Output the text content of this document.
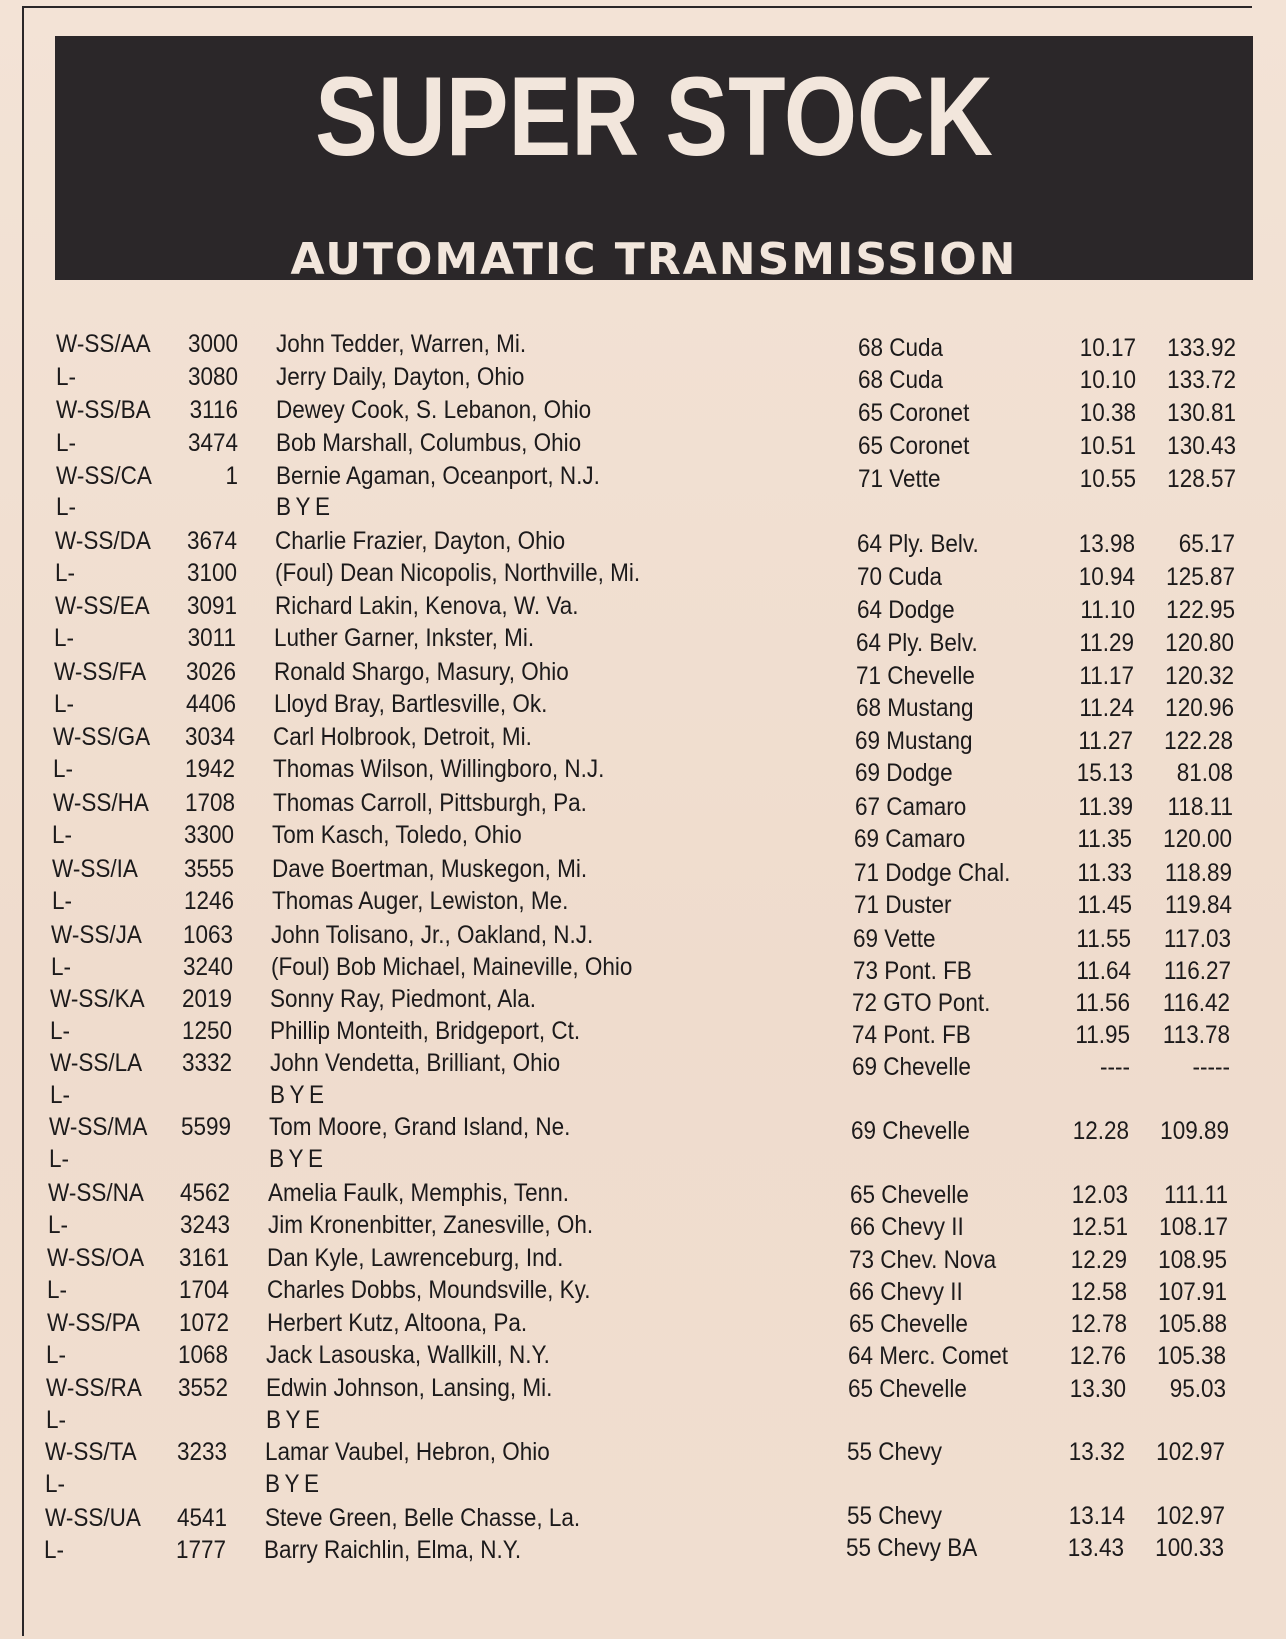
SUPER STOCK
AUTOMATIC TRANSMISSION
W-SS/AA 3000 John Tedder, Warren, Mi.	68 Cuda	10.17	133.92
L-	3080 Jerry Daily, Dayton, Ohio	68 Cuda	10.10	133.72
W-SS/BA 3116 Dewey Cook, S. Lebanon, Ohio	65 Coronet	10.38	130.81
L-	3474 Bob Marshall, Columbus, Ohio	65 Coronet	10.51	130.43
W-SS/CA	1 Bernie Agaman, Oceanport, N.J.	71 Vette	10.55	128.57
L-	BYE
W-SS/DA 3674 Charlie Frazier, Dayton, Ohio	64 Ply. Belv.	13.98	65.17
L-	3100 (Foul) Dean Nicopolis, Northville, Mi.	70 Cuda	10.94	125.87
W-SS/EA 3091 Richard Lakin, Kenova, W. Va.	64 Dodge	11.10	122.95
L-	3011 Luther Garner, Inkster, Mi.	64 Ply. Belv.	11.29	120.80
W-SS/FA 3026 Ronald Shargo, Masury, Ohio	71 Chevelle	11.17	120.32
L-	4406 Lloyd Bray, Bartlesville, Ok.	68 Mustang	11.24	120.96
W-SS/GA 3034 Carl Holbrook, Detroit, Mi.	69 Mustang	11.27	122.28
L-	1942 Thomas Wilson, Willingboro, N.J.	69 Dodge	15.13	81.08
W-SS/HA 1708 Thomas Carroll, Pittsburgh, Pa.	67 Camaro	11.39	118.11
L-	3300 Tom Kasch, Toledo, Ohio	69 Camaro	11.35	120.00
W-SS/IA 3555 Dave Boertman, Muskegon, Mi.	71 Dodge Chal.	11.33	118.89
L-	1246 Thomas Auger, Lewiston, Me.	71 Duster	11.45	119.84
W-SS/JA 1063 John Tolisano, Jr., Oakland, N.J.	69 Vette	11.55	117.03
L-	3240 (Foul) Bob Michael, Maineville, Ohio	73 Pont. FB	11.64	116.27
W-SS/KA 2019 Sonny Ray, Piedmont, Ala.	72 GTO Pont.	11.56	116.42
L-	1250 Phillip Monteith, Bridgeport, Ct.	74 Pont. FB	11.95	113.78
W-SS/LA 3332 John Vendetta, Brilliant, Ohio	69 Chevelle	----	-----
L-	BYE
W-SS/MA 5599 Tom Moore, Grand Island, Ne.	69 Chevelle	12.28	109.89
L-	BYE
W-SS/NA 4562 Amelia Faulk, Memphis, Tenn.	65 Chevelle	12.03	111.11
L-	3243 Jim Kronenbitter, Zanesville, Oh.	66 Chevy II	12.51	108.17
W-SS/OA 3161 Dan Kyle, Lawrenceburg, Ind.	73 Chev. Nova	12.29	108.95
L-	1704 Charles Dobbs, Moundsville, Ky.	66 Chevy II	12.58	107.91
W-SS/PA 1072 Herbert Kutz, Altoona, Pa.	65 Chevelle	12.78	105.88
L-	1068 Jack Lasouska, Wallkill, N.Y.	64 Merc. Comet	12.76	105.38
W-SS/RA 3552 Edwin Johnson, Lansing, Mi.	65 Chevelle	13.30	95.03
L-	BYE
W-SS/TA 3233 Lamar Vaubel, Hebron, Ohio	55 Chevy	13.32	102.97
L-	BYE
W-SS/UA 4541 Steve Green, Belle Chasse, La.	55 Chevy	13.14	102.97
L-	1777 Barry Raichlin, Elma, N.Y.	55 Chevy BA	13.43	100.33
